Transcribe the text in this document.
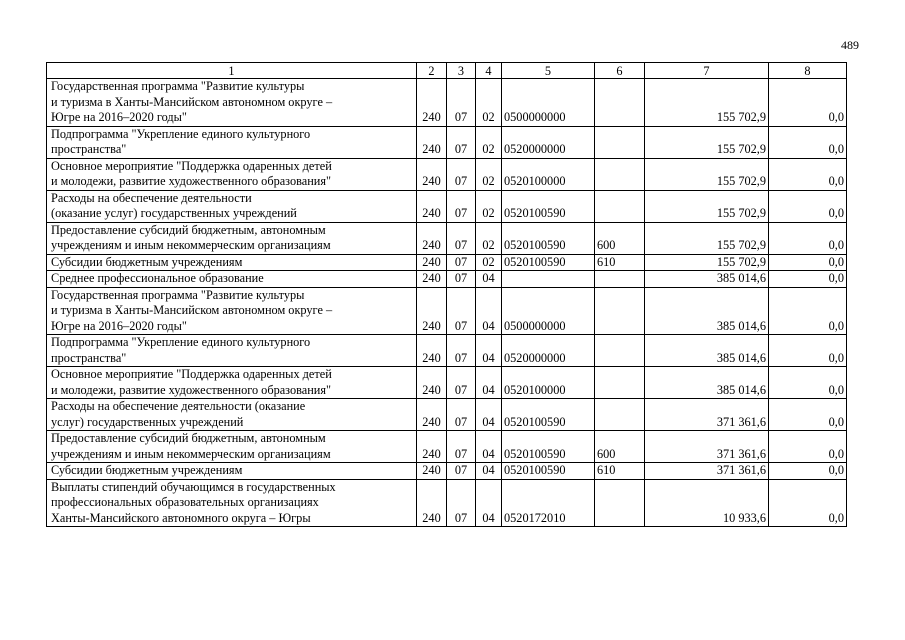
489
1	2	3	4	5	6	7	8

Государственная программа "Развитие культуры
и туризма в Ханты-Мансийском автономном округе –
Югре на 2016–2020 годы"	240	07	02	0500000000		155 702,9	0,0

Подпрограмма "Укрепление единого культурного
пространства"	240	07	02	0520000000		155 702,9	0,0

Основное мероприятие "Поддержка одаренных детей
и молодежи, развитие художественного образования"	240	07	02	0520100000		155 702,9	0,0

Расходы на обеспечение деятельности
(оказание услуг) государственных учреждений	240	07	02	0520100590		155 702,9	0,0

Предоставление субсидий бюджетным, автономным
учреждениям и иным некоммерческим организациям	240	07	02	0520100590	600	155 702,9	0,0

Субсидии бюджетным учреждениям	240	07	02	0520100590	610	155 702,9	0,0

Среднее профессиональное образование	240	07	04			385 014,6	0,0

Государственная программа "Развитие культуры
и туризма в Ханты-Мансийском автономном округе –
Югре на 2016–2020 годы"	240	07	04	0500000000		385 014,6	0,0

Подпрограмма "Укрепление единого культурного
пространства"	240	07	04	0520000000		385 014,6	0,0

Основное мероприятие "Поддержка одаренных детей
и молодежи, развитие художественного образования"	240	07	04	0520100000		385 014,6	0,0

Расходы на обеспечение деятельности (оказание
услуг) государственных учреждений	240	07	04	0520100590		371 361,6	0,0

Предоставление субсидий бюджетным, автономным
учреждениям и иным некоммерческим организациям	240	07	04	0520100590	600	371 361,6	0,0

Субсидии бюджетным учреждениям	240	07	04	0520100590	610	371 361,6	0,0

Выплаты стипендий обучающимся в государственных
профессиональных образовательных организациях
Ханты-Мансийского автономного округа – Югры	240	07	04	0520172010		10 933,6	0,0
